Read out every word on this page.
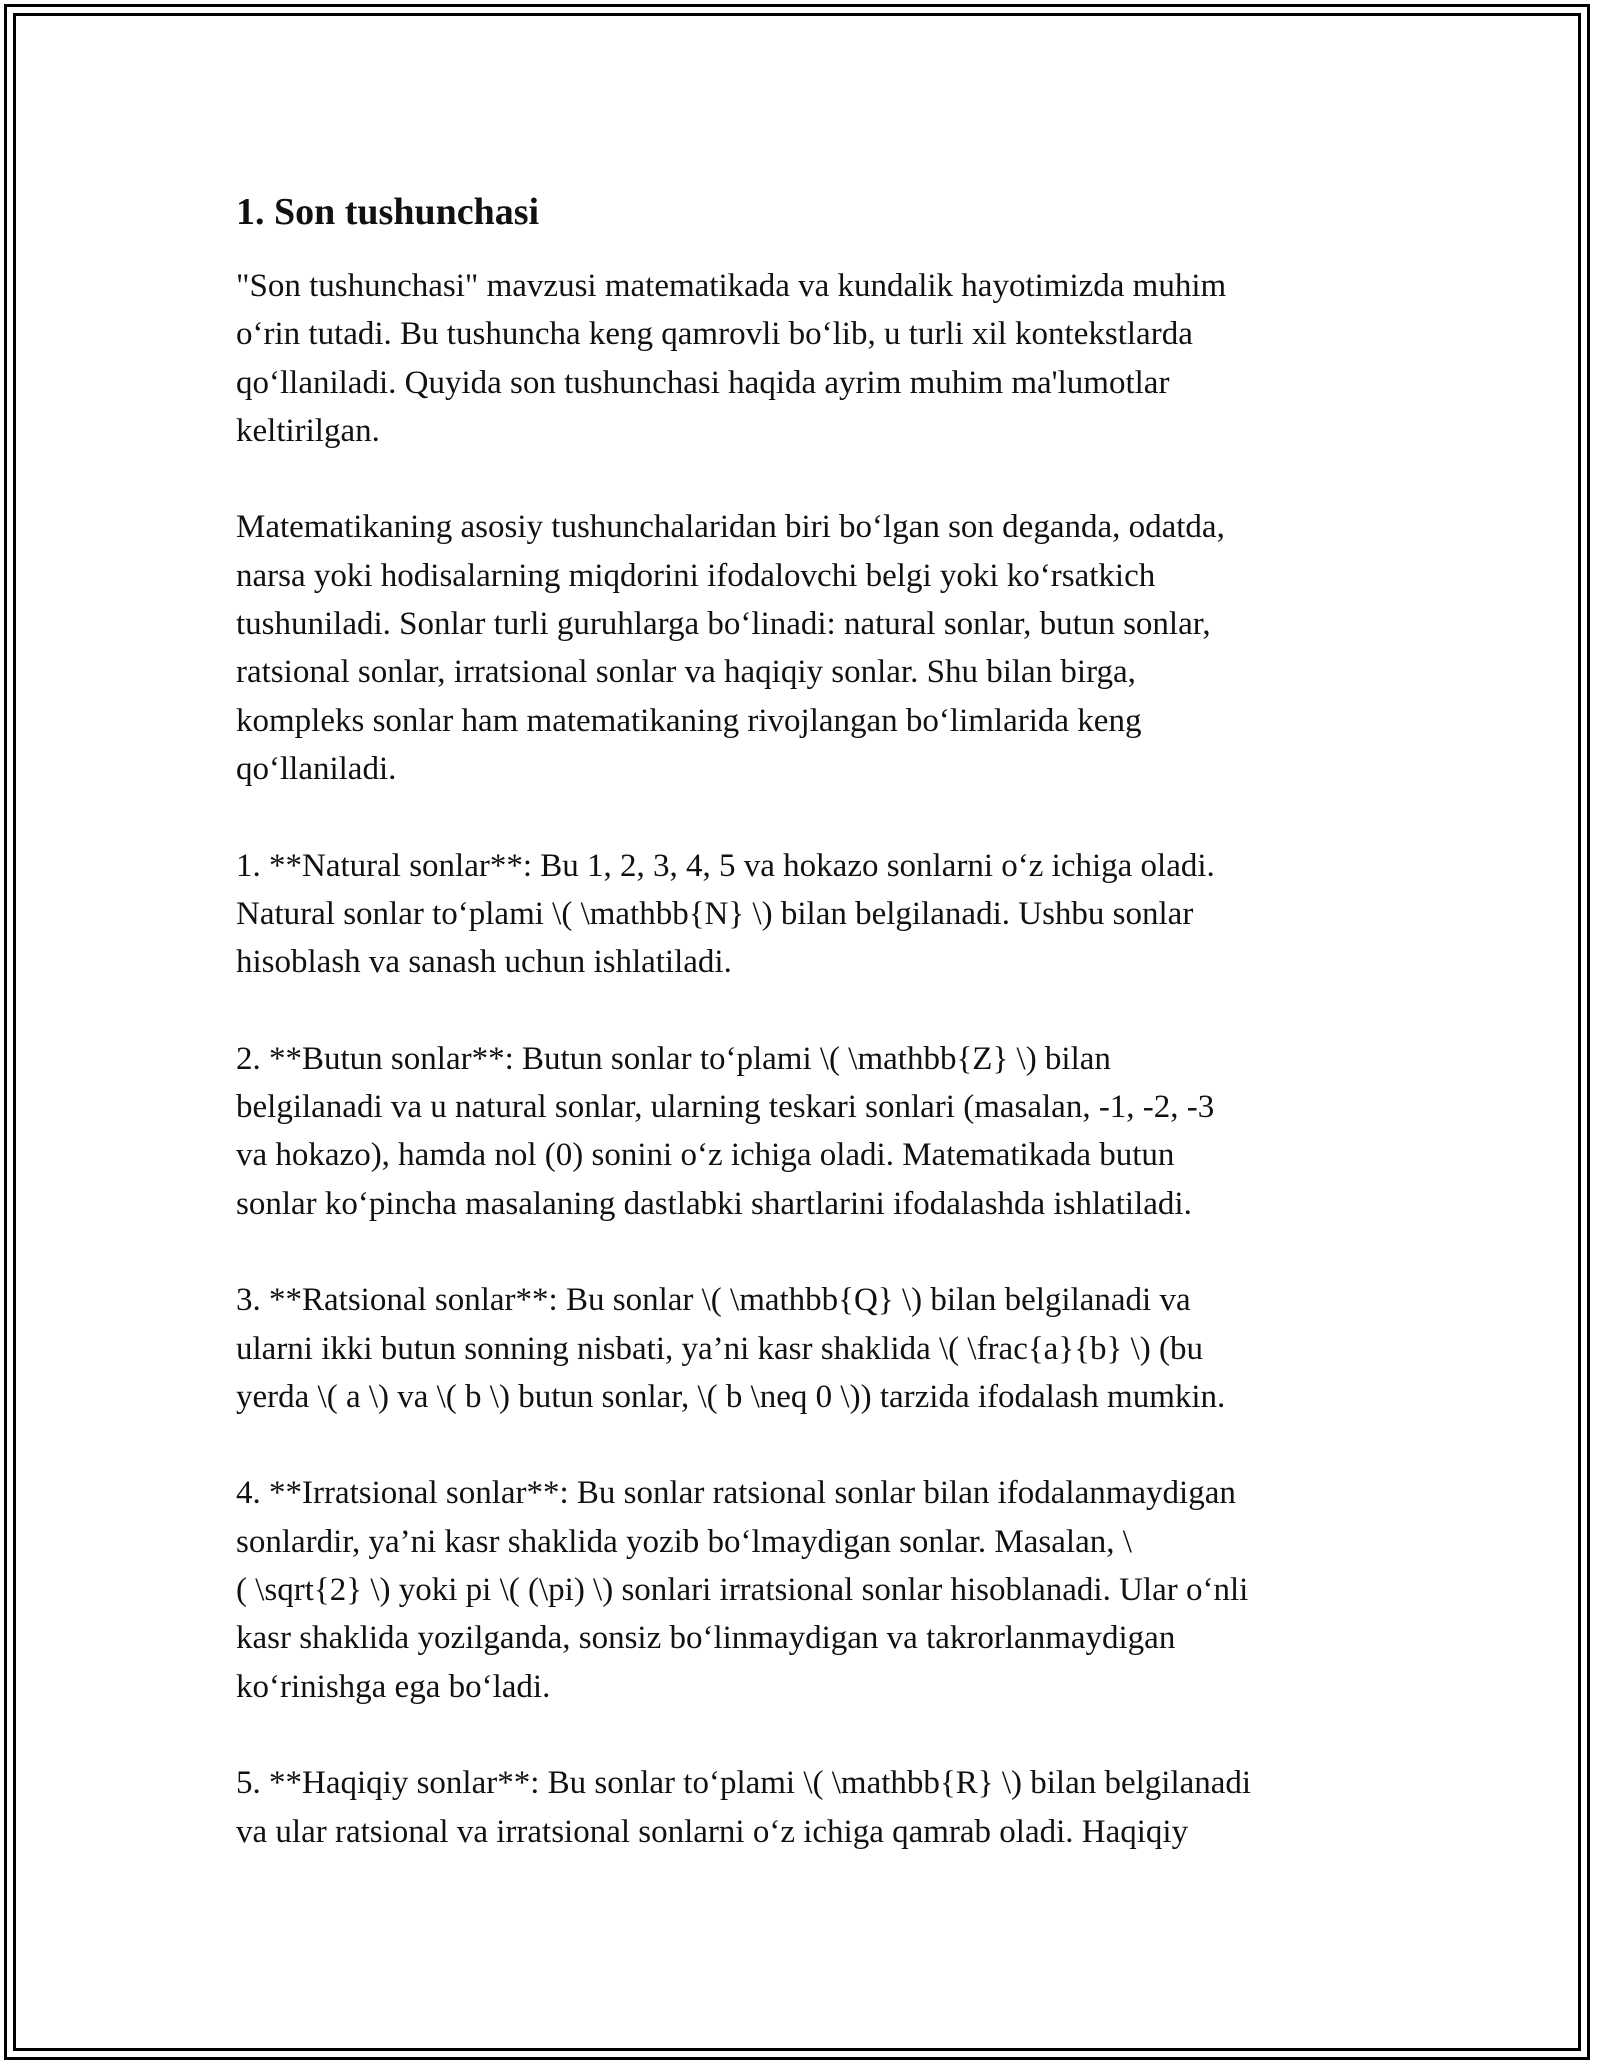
1. Son tushunchasi

"Son tushunchasi" mavzusi matematikada va kundalik hayotimizda muhim
o‘rin tutadi. Bu tushuncha keng qamrovli bo‘lib, u turli xil kontekstlarda
qo‘llaniladi. Quyida son tushunchasi haqida ayrim muhim ma'lumotlar
keltirilgan.

Matematikaning asosiy tushunchalaridan biri bo‘lgan son deganda, odatda,
narsa yoki hodisalarning miqdorini ifodalovchi belgi yoki ko‘rsatkich
tushuniladi. Sonlar turli guruhlarga bo‘linadi: natural sonlar, butun sonlar,
ratsional sonlar, irratsional sonlar va haqiqiy sonlar. Shu bilan birga,
kompleks sonlar ham matematikaning rivojlangan bo‘limlarida keng
qo‘llaniladi.

1. **Natural sonlar**: Bu 1, 2, 3, 4, 5 va hokazo sonlarni o‘z ichiga oladi.
Natural sonlar to‘plami \( \mathbb{N} \) bilan belgilanadi. Ushbu sonlar
hisoblash va sanash uchun ishlatiladi.

2. **Butun sonlar**: Butun sonlar to‘plami \( \mathbb{Z} \) bilan
belgilanadi va u natural sonlar, ularning teskari sonlari (masalan, -1, -2, -3
va hokazo), hamda nol (0) sonini o‘z ichiga oladi. Matematikada butun
sonlar ko‘pincha masalaning dastlabki shartlarini ifodalashda ishlatiladi.

3. **Ratsional sonlar**: Bu sonlar \( \mathbb{Q} \) bilan belgilanadi va
ularni ikki butun sonning nisbati, ya’ni kasr shaklida \( \frac{a}{b} \) (bu
yerda \( a \) va \( b \) butun sonlar, \( b \neq 0 \)) tarzida ifodalash mumkin.

4. **Irratsional sonlar**: Bu sonlar ratsional sonlar bilan ifodalanmaydigan
sonlardir, ya’ni kasr shaklida yozib bo‘lmaydigan sonlar. Masalan, \
( \sqrt{2} \) yoki pi \( (\pi) \) sonlari irratsional sonlar hisoblanadi. Ular o‘nli
kasr shaklida yozilganda, sonsiz bo‘linmaydigan va takrorlanmaydigan
ko‘rinishga ega bo‘ladi.

5. **Haqiqiy sonlar**: Bu sonlar to‘plami \( \mathbb{R} \) bilan belgilanadi
va ular ratsional va irratsional sonlarni o‘z ichiga qamrab oladi. Haqiqiy
